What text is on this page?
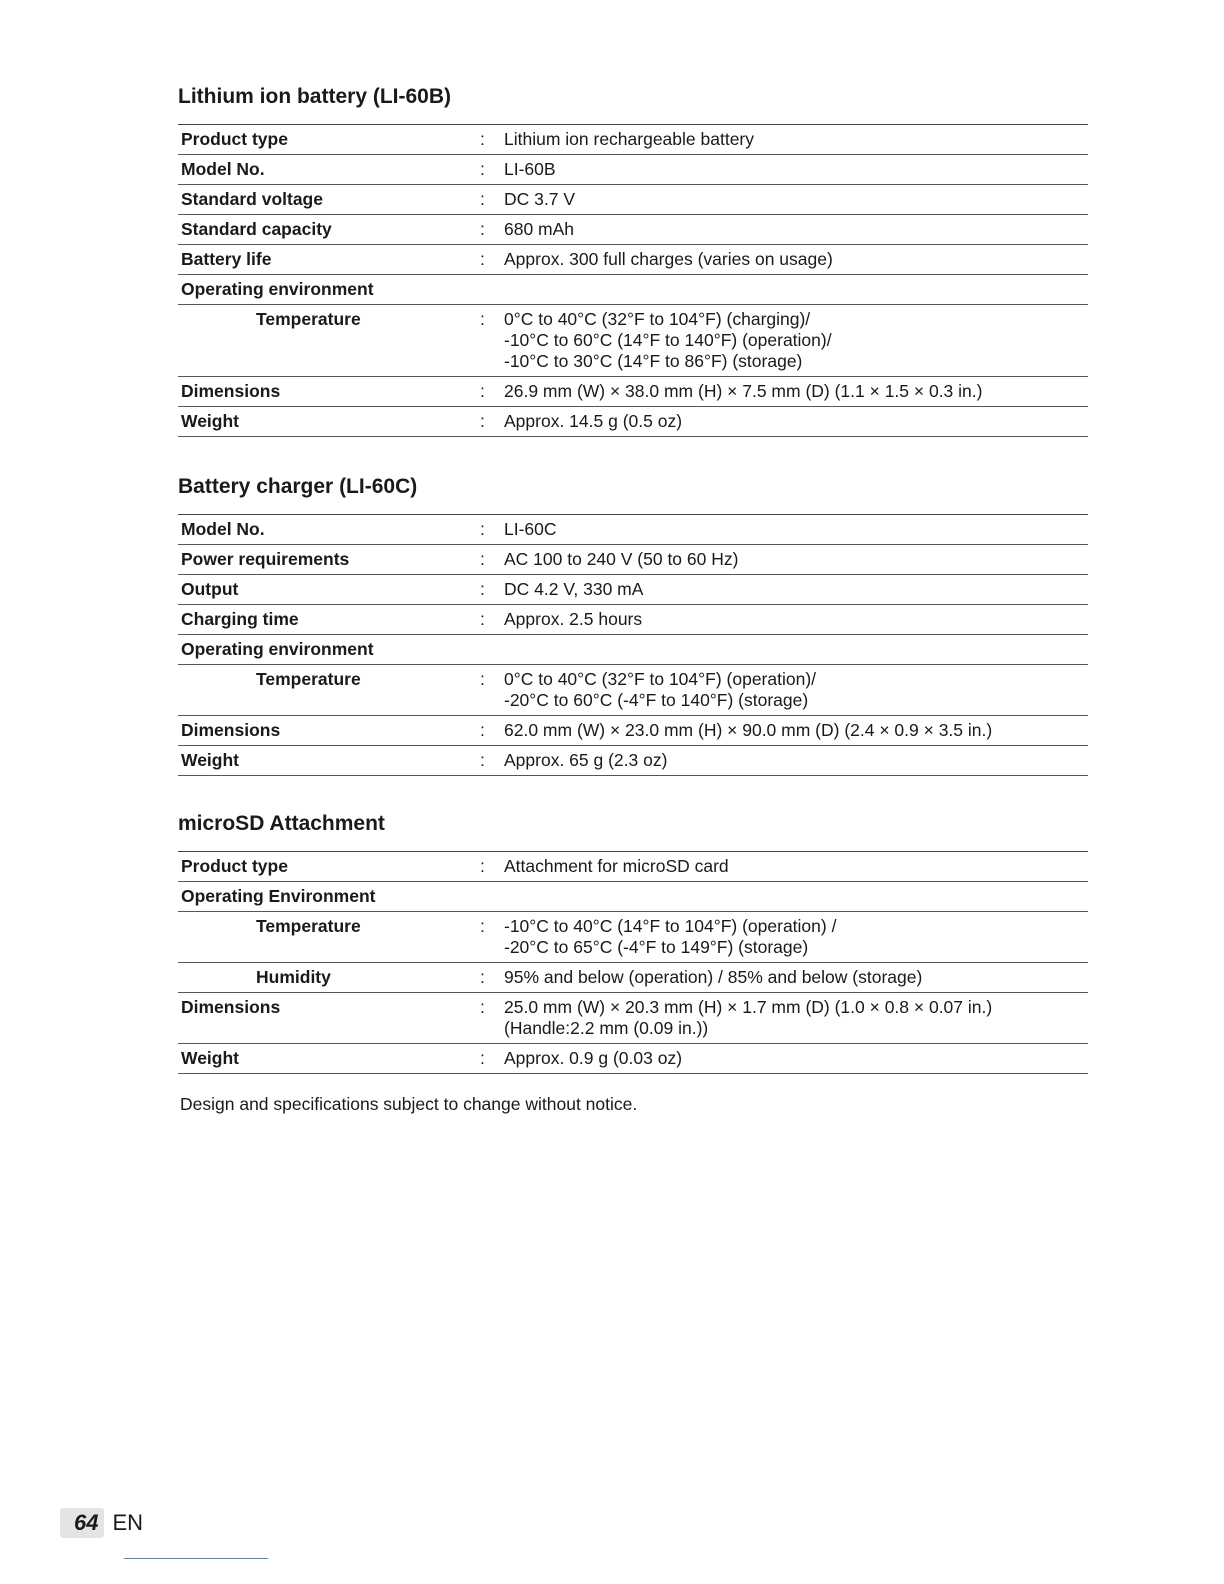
Lithium ion battery (LI-60B)
Product type	:	Lithium ion rechargeable battery
Model No.	:	LI-60B
Standard voltage	:	DC 3.7 V
Standard capacity	:	680 mAh
Battery life	:	Approx. 300 full charges (varies on usage)
Operating environment
Temperature	:	0°C to 40°C (32°F to 104°F) (charging)/
-10°C to 60°C (14°F to 140°F) (operation)/
-10°C to 30°C (14°F to 86°F) (storage)
Dimensions	:	26.9 mm (W) × 38.0 mm (H) × 7.5 mm (D) (1.1 × 1.5 × 0.3 in.)
Weight	:	Approx. 14.5 g (0.5 oz)
Battery charger (LI-60C)
Model No.	:	LI-60C
Power requirements	:	AC 100 to 240 V (50 to 60 Hz)
Output	:	DC 4.2 V, 330 mA
Charging time	:	Approx. 2.5 hours
Operating environment
Temperature	:	0°C to 40°C (32°F to 104°F) (operation)/
-20°C to 60°C (-4°F to 140°F) (storage)
Dimensions	:	62.0 mm (W) × 23.0 mm (H) × 90.0 mm (D) (2.4 × 0.9 × 3.5 in.)
Weight	:	Approx. 65 g (2.3 oz)
microSD Attachment
Product type	:	Attachment for microSD card
Operating Environment
Temperature	:	-10°C to 40°C (14°F to 104°F) (operation) /
-20°C to 65°C (-4°F to 149°F) (storage)
Humidity	:	95% and below (operation) / 85% and below (storage)
Dimensions	:	25.0 mm (W) × 20.3 mm (H) × 1.7 mm (D) (1.0 × 0.8 × 0.07 in.)
(Handle:2.2 mm (0.09 in.))
Weight	:	Approx. 0.9 g (0.03 oz)
Design and specifications subject to change without notice.
64 EN
